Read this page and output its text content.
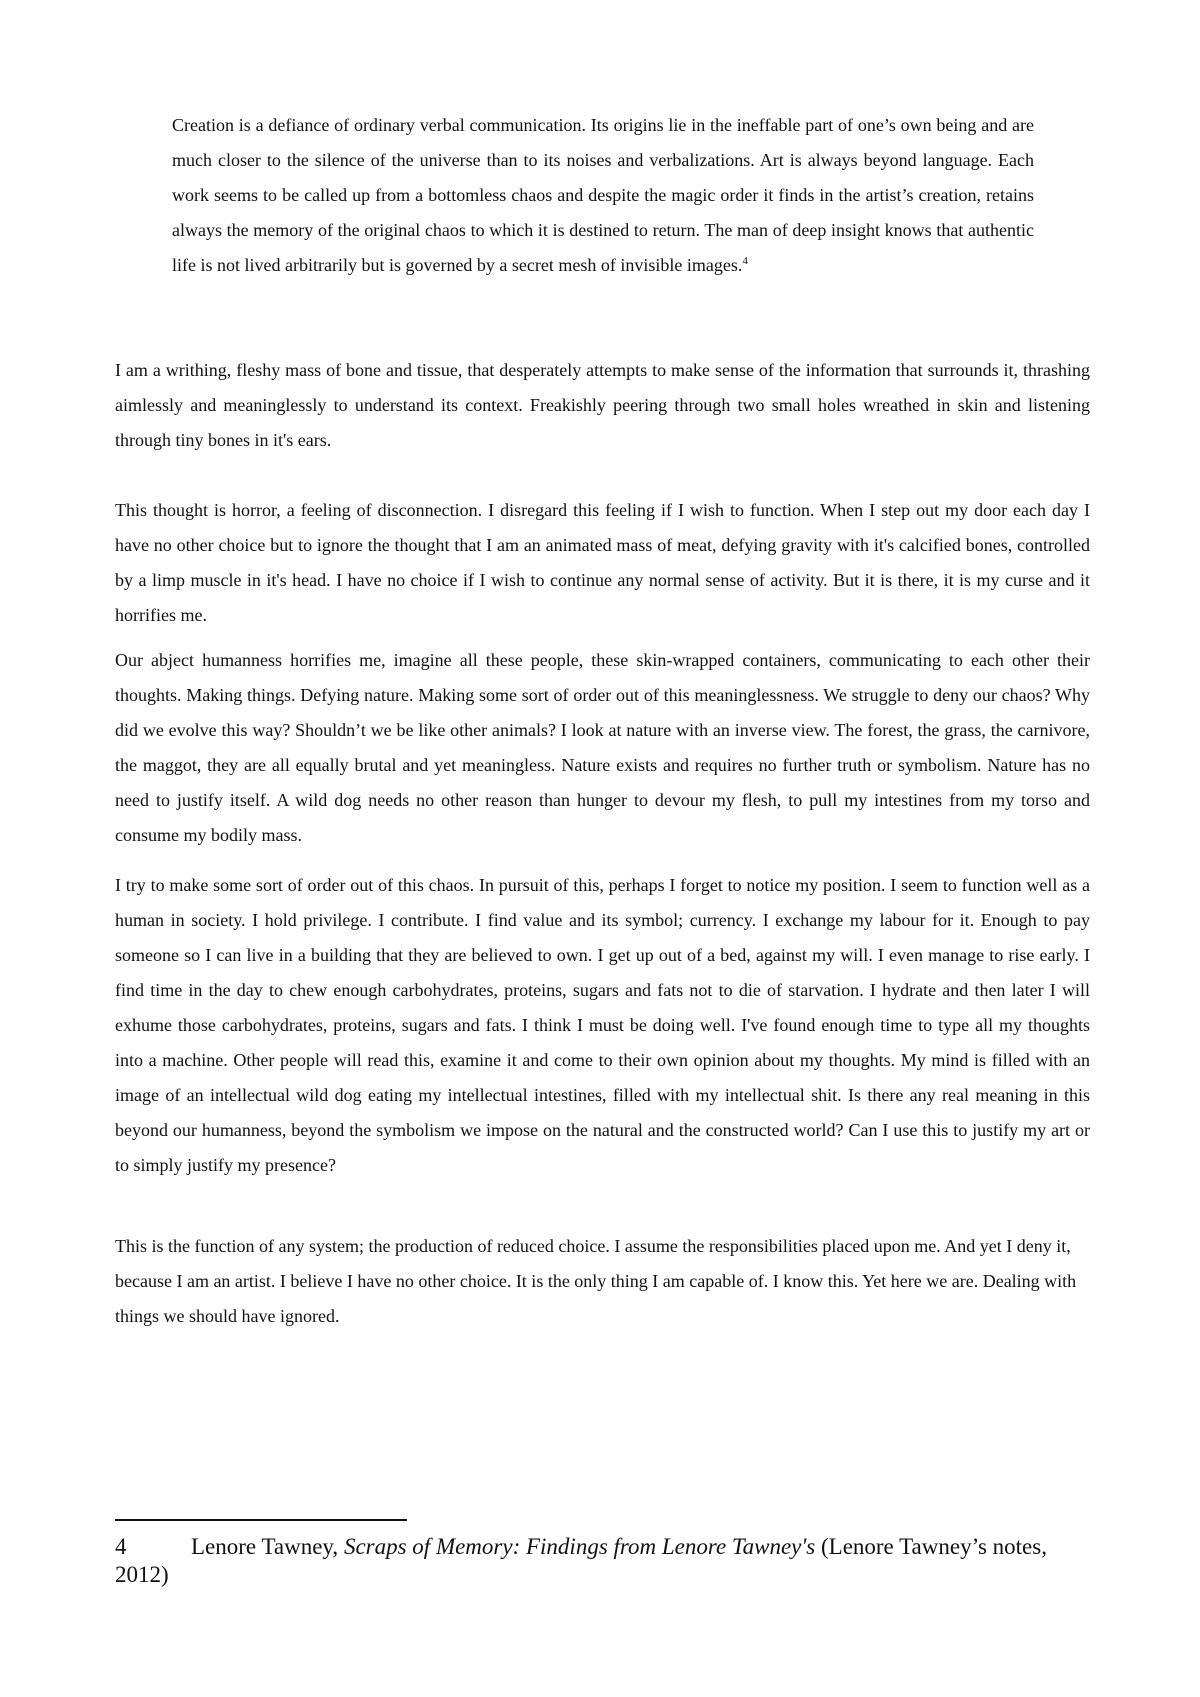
Creation is a defiance of ordinary verbal communication. Its origins lie in the ineffable part of one’s own being and are much closer to the silence of the universe than to its noises and verbalizations. Art is always beyond language. Each work seems to be called up from a bottomless chaos and despite the magic order it finds in the artist’s creation, retains always the memory of the original chaos to which it is destined to return. The man of deep insight knows that authentic life is not lived arbitrarily but is governed by a secret mesh of invisible images.$^4$

I am a writhing, fleshy mass of bone and tissue, that desperately attempts to make sense of the information that surrounds it, thrashing aimlessly and meaninglessly to understand its context. Freakishly peering through two small holes wreathed in skin and listening through tiny bones in it's ears.

This thought is horror, a feeling of disconnection. I disregard this feeling if I wish to function. When I step out my door each day I have no other choice but to ignore the thought that I am an animated mass of meat, defying gravity with it's calcified bones, controlled by a limp muscle in it's head. I have no choice if I wish to continue any normal sense of activity. But it is there, it is my curse and it horrifies me.

Our abject humanness horrifies me, imagine all these people, these skin-wrapped containers, communicating to each other their thoughts. Making things. Defying nature. Making some sort of order out of this meaninglessness. We struggle to deny our chaos? Why did we evolve this way? Shouldn’t we be like other animals? I look at nature with an inverse view. The forest, the grass, the carnivore, the maggot, they are all equally brutal and yet meaningless. Nature exists and requires no further truth or symbolism. Nature has no need to justify itself. A wild dog needs no other reason than hunger to devour my flesh, to pull my intestines from my torso and consume my bodily mass.

I try to make some sort of order out of this chaos. In pursuit of this, perhaps I forget to notice my position. I seem to function well as a human in society. I hold privilege. I contribute. I find value and its symbol; currency. I exchange my labour for it. Enough to pay someone so I can live in a building that they are believed to own. I get up out of a bed, against my will. I even manage to rise early. I find time in the day to chew enough carbohydrates, proteins, sugars and fats not to die of starvation. I hydrate and then later I will exhume those carbohydrates, proteins, sugars and fats. I think I must be doing well. I've found enough time to type all my thoughts into a machine. Other people will read this, examine it and come to their own opinion about my thoughts. My mind is filled with an image of an intellectual wild dog eating my intellectual intestines, filled with my intellectual shit. Is there any real meaning in this beyond our humanness, beyond the symbolism we impose on the natural and the constructed world? Can I use this to justify my art or to simply justify my presence?

This is the function of any system; the production of reduced choice. I assume the responsibilities placed upon me. And yet I deny it, because I am an artist. I believe I have no other choice. It is the only thing I am capable of. I know this. Yet here we are. Dealing with things we should have ignored.

4	Lenore Tawney, Scraps of Memory: Findings from Lenore Tawney's (Lenore Tawney’s notes, 2012)
